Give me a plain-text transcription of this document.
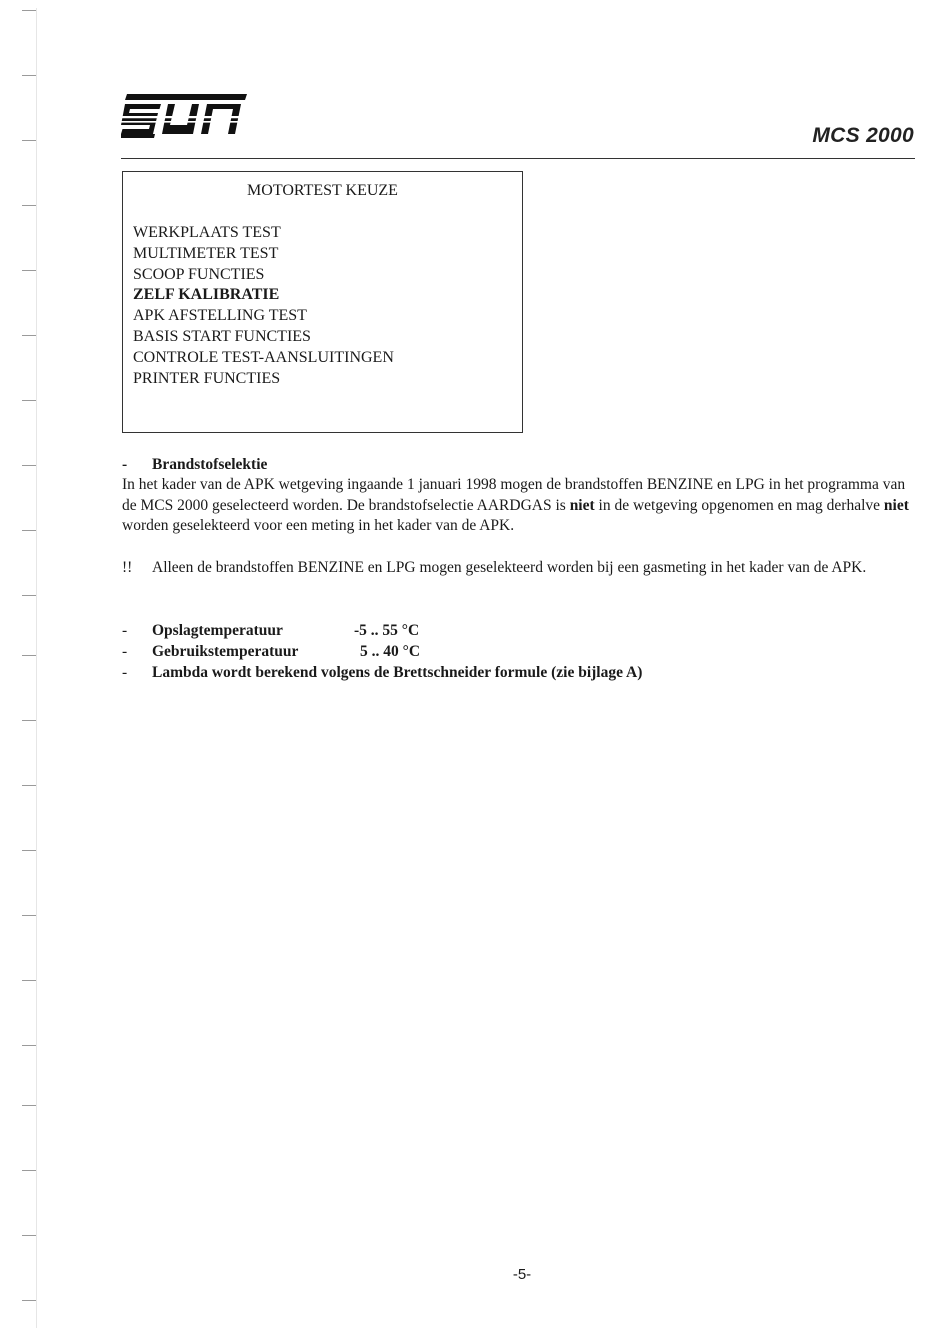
MCS 2000
MOTORTEST KEUZE
WERKPLAATS TEST
MULTIMETER TEST
SCOOP FUNCTIES
ZELF KALIBRATIE
APK AFSTELLING TEST
BASIS START FUNCTIES
CONTROLE TEST-AANSLUITINGEN
PRINTER FUNCTIES
- Brandstofselektie
In het kader van de APK wetgeving ingaande 1 januari 1998 mogen de brandstoffen BENZINE en LPG in het programma van de MCS 2000 geselecteerd worden. De brandstofselectie AARDGAS is niet in de wetgeving opgenomen en mag derhalve niet worden geselekteerd voor een meting in het kader van de APK.
!! Alleen de brandstoffen BENZINE en LPG mogen geselekteerd worden bij een gasmeting in het kader van de APK.
- Opslagtemperatuur	-5 .. 55 °C
- Gebruikstemperatuur	5 .. 40 °C
- Lambda wordt berekend volgens de Brettschneider formule (zie bijlage A)
-5-
